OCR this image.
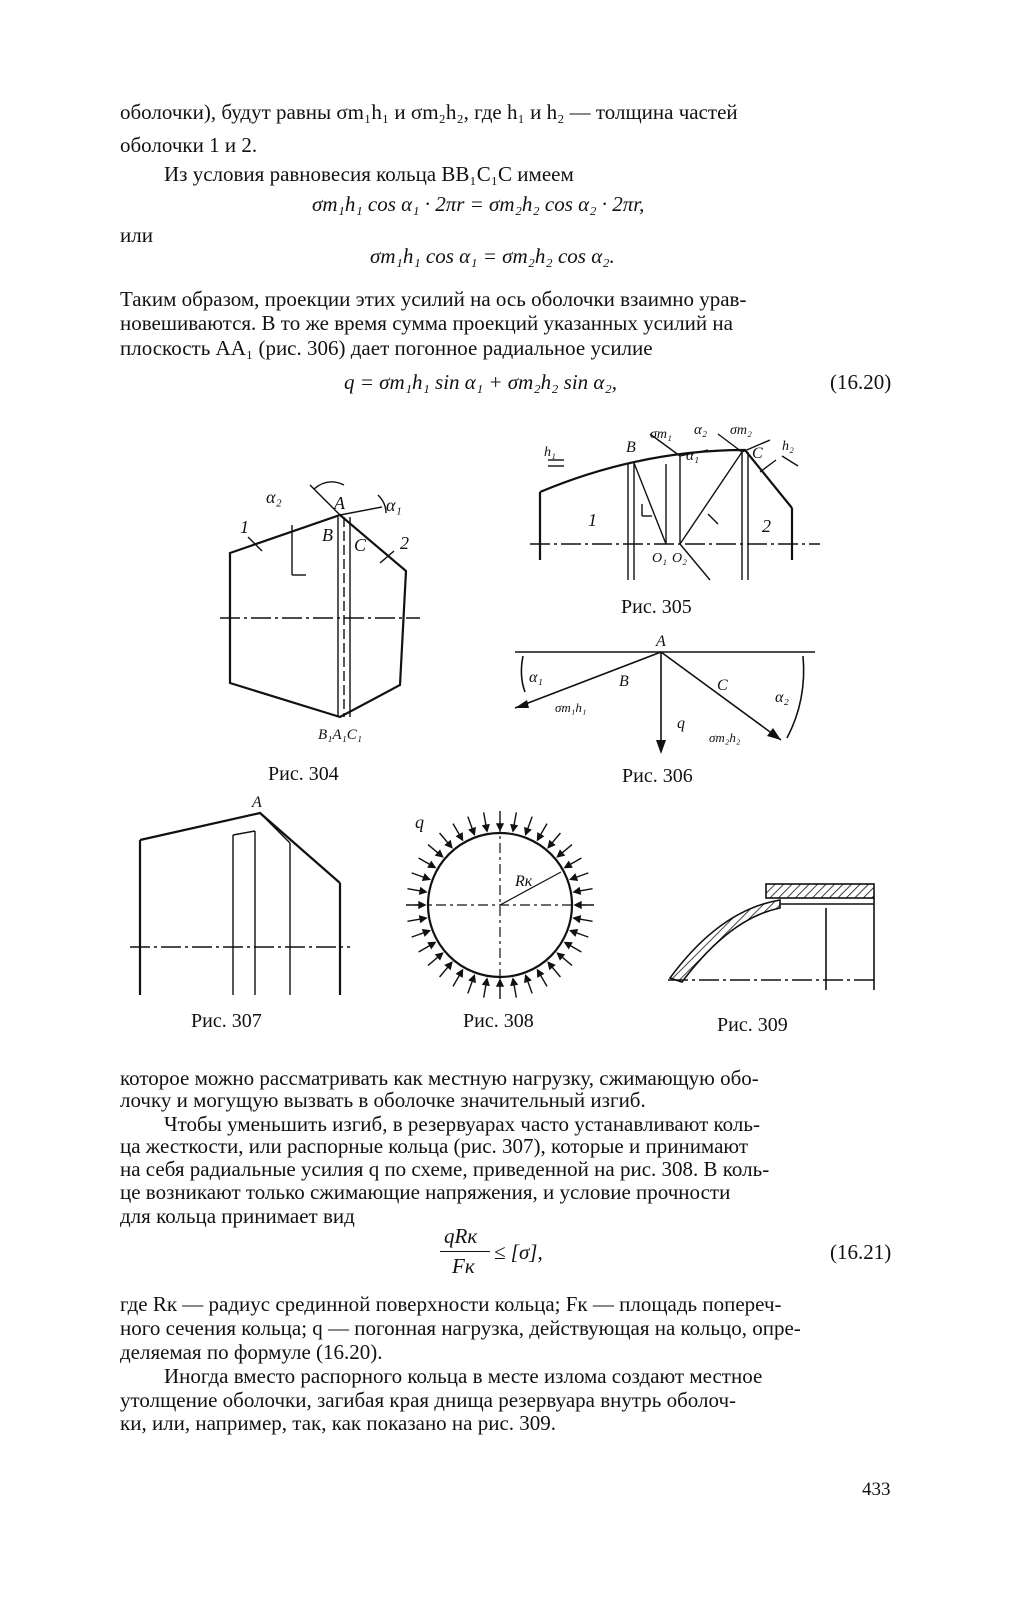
оболочки), будут равны σm₁h₁ и σm₂h₂, где h₁ и h₂ — толщина частей
оболочки 1 и 2.
Из условия равновесия кольца BB₁C₁C имеем
σm₁h₁ cos α₁ · 2πr = σm₂h₂ cos α₂ · 2πr,
или
σm₁h₁ cos α₁ = σm₂h₂ cos α₂.
Таким образом, проекции этих усилий на ось оболочки взаимно урав-
новешиваются. В то же время сумма проекций указанных усилий на
плоскость AA₁ (рис. 306) дает погонное радиальное усилие
q = σm₁h₁ sin α₁ + σm₂h₂ sin α₂,	(16.20)
α₂	A α₁
1	B C 2
B₁A₁C₁
Рис. 304
B
σm₁ α₂ σm₂
C h₂
h₁	α₁
1	2
O₁ O₂
Рис. 305
A
α₁	B	C
α₂
σm₁h₁
q
σm₂h₂
Рис. 306
A
Рис. 307
q
Rк
Рис. 308	Рис. 309
которое можно рассматривать как местную нагрузку, сжимающую обо-
лочку и могущую вызвать в оболочке значительный изгиб.
Чтобы уменьшить изгиб, в резервуарах часто устанавливают коль-
ца жесткости, или распорные кольца (рис. 307), которые и принимают
на себя радиальные усилия q по схеме, приведенной на рис. 308. В коль-
це возникают только сжимающие напряжения, и условие прочности
для кольца принимает вид
qRк
Fк
≤ [σ],	(16.21)
где Rк — радиус срединной поверхности кольца; Fк — площадь попереч-
ного сечения кольца; q — погонная нагрузка, действующая на кольцо, опре-
деляемая по формуле (16.20).
Иногда вместо распорного кольца в месте излома создают местное
утолщение оболочки, загибая края днища резервуара внутрь оболоч-
ки, или, например, так, как показано на рис. 309.
433
